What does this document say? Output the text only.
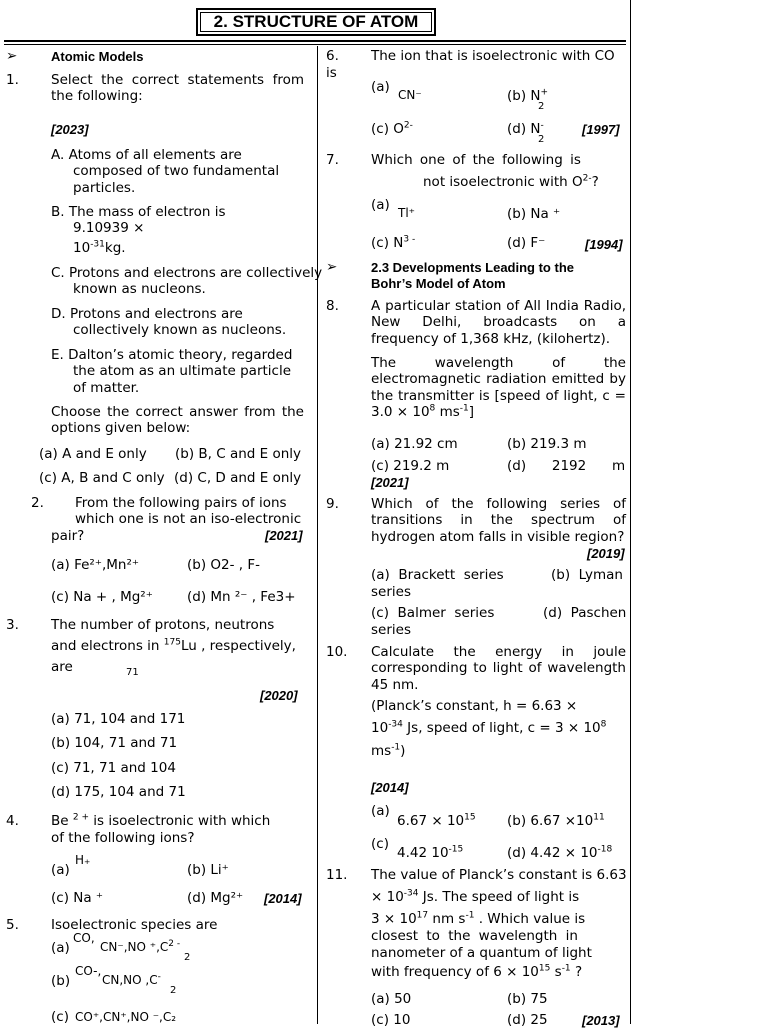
2. STRUCTURE OF ATOM
➢	Atomic Models
1. Select the correct statements from the following:
[2023]
A. Atoms of all elements are composed of two fundamental particles.
B. The mass of electron is 9.10939 ×
$10^{-31}kg$.
C. Protons and electrons are collectively known as nucleons.
D. Protons and electrons are collectively known as nucleons.
E. Dalton’s atomic theory, regarded the atom as an ultimate particle of matter.
Choose the correct answer from the options given below:
(a) A and E only (b) B, C and E only
(c) A, B and C only (d) C, D and E only
2. From the following pairs of ions which one is not an iso-electronic
pair?	[2021]
(a) Fe²⁺,Mn²⁺	(b) O2- , F-
(c) Na + , Mg²⁺	(d) Mn ²⁻ , Fe3+
3. The number of protons, neutrons
and electrons in $^{175}$Lu , respectively,
are	71
[2020]
(a) 71, 104 and 171
(b) 104, 71 and 71
(c) 71, 71 and 104
(d) 175, 104 and 71
4. Be $^{2 +}$ is isoelectronic with which
of the following ions?
(a)
H₊
(b) Li⁺
(c) Na ⁺	(d) Mg²⁺ [2014]
5. Isoelectronic species are
(a)
CO,
CN⁻,NO $^+,C^{2 -}$
2
(b)
CO-,
CN,NO ,C-
2
(c) CO⁺,CN⁺,NO ⁻,C₂
6. The ion that is isoelectronic with CO
is
(a) CN⁻	(b) N+
2
(c) $O^{2-}$	(d) N-
2
[1997]
7. Which one of the following is
not isoelectronic with $O^{2-}$?
(a) Tl⁺	(b) Na ⁺
(c) $N^{3 -}$	(d) F⁻	[1994]
➢	2.3 Developments Leading to the
Bohr’s Model of Atom
8. A particular station of All India Radio, New Delhi, broadcasts on a frequency of 1,368 kHz, (kilohertz).
The wavelength of the electromagnetic radiation emitted by the transmitter is [speed of light, $c = 3.0 \times 10^8$ $ms^{-1}$]
(a) 21.92 cm	(b) 219.3 m
(c) 219.2 m	(d)      2192      m
[2021]
9. Which of the following series of transitions in the spectrum of hydrogen atom falls in visible region?
[2019]
(a)  Brackett  series	(b)  Lyman
series
(c)  Balmer  series	(d)  Paschen
series
10. Calculate the energy in joule corresponding to light of wavelength 45 nm.
(Planck’s constant, h = 6.63 ×
$10^{-34}$ Js, speed of light, $c = 3 \times 10^8$
$ms^{-1}$)
[2014]
(a)
$6.67 \times 10^{15}$ (b) $6.67 \times 10^{11}$
(c)
4.42 $10^{-15}$	(d) $4.42 \times 10^{-18}$
11. The value of Planck’s constant is 6.63
× $10^{-34}$ Js. The speed of light is
$3 \times 10^{17}$ nm $s^{-1}$ . Which value is
closest to the wavelength in
nanometer of a quantum of light
with frequency of $6 \times 10^{15}$ $s^{-1}$ ?
(a) 50	(b) 75
(c) 10	(d) 25	[2013]
